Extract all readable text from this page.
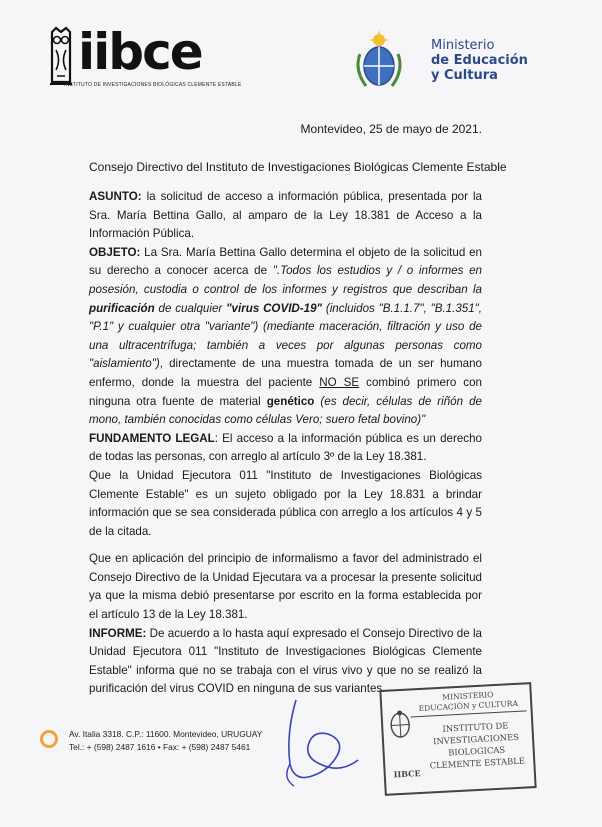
iibce
INSTITUTO DE INVESTIGACIONES BIOLÓGICAS CLEMENTE ESTABLE
Ministerio
de Educación
y Cultura
Montevideo, 25 de mayo de 2021.
Consejo Directivo del Instituto de Investigaciones Biológicas Clemente Estable

ASUNTO: la solicitud de acceso a información pública, presentada por la Sra. María Bettina Gallo, al amparo de la Ley 18.381 de Acceso a la Información Pública.

OBJETO: La Sra. María Bettina Gallo determina el objeto de la solicitud en su derecho a conocer acerca de ".Todos los estudios y / o informes en posesión, custodia o control de los informes y registros que describan la purificación de cualquier "virus COVID-19" (incluidos "B.1.1.7", "B.1.351", "P.1" y cualquier otra "variante") (mediante maceración, filtración y uso de una ultracentrífuga; también a veces por algunas personas como "aislamiento"), directamente de una muestra tomada de un ser humano enfermo, donde la muestra del paciente NO SE combinó primero con ninguna otra fuente de material genético (es decir, células de riñón de mono, también conocidas como células Vero; suero fetal bovino)"

FUNDAMENTO LEGAL: El acceso a la información pública es un derecho de todas las personas, con arreglo al artículo 3º de la Ley 18.381.

Que la Unidad Ejecutora 011 "Instituto de Investigaciones Biológicas Clemente Estable" es un sujeto obligado por la Ley 18.831 a brindar información que se sea considerada pública con arreglo a los artículos 4 y 5 de la citada.

Que en aplicación del principio de informalismo a favor del administrado el Consejo Directivo de la Unidad Ejecutara va a procesar la presente solicitud ya que la misma debió presentarse por escrito en la forma establecida por el artículo 13 de la Ley 18.381.

INFORME: De acuerdo a lo hasta aquí expresado el Consejo Directivo de la Unidad Ejecutora 011 "Instituto de Investigaciones Biológicas Clemente Estable" informa que no se trabaja con el virus vivo y que no se realizó la purificación del virus COVID en ninguna de sus variantes.

Av. Italia 3318. C.P.: 11600. Montevideo, URUGUAY
Tel.: + (598) 2487 1616 • Fax: + (598) 2487 5461
MINISTERIO
EDUCACIÓN y CULTURA
IIBCE
INSTITUTO DE
INVESTIGACIONES
BIOLOGICAS
CLEMENTE ESTABLE
